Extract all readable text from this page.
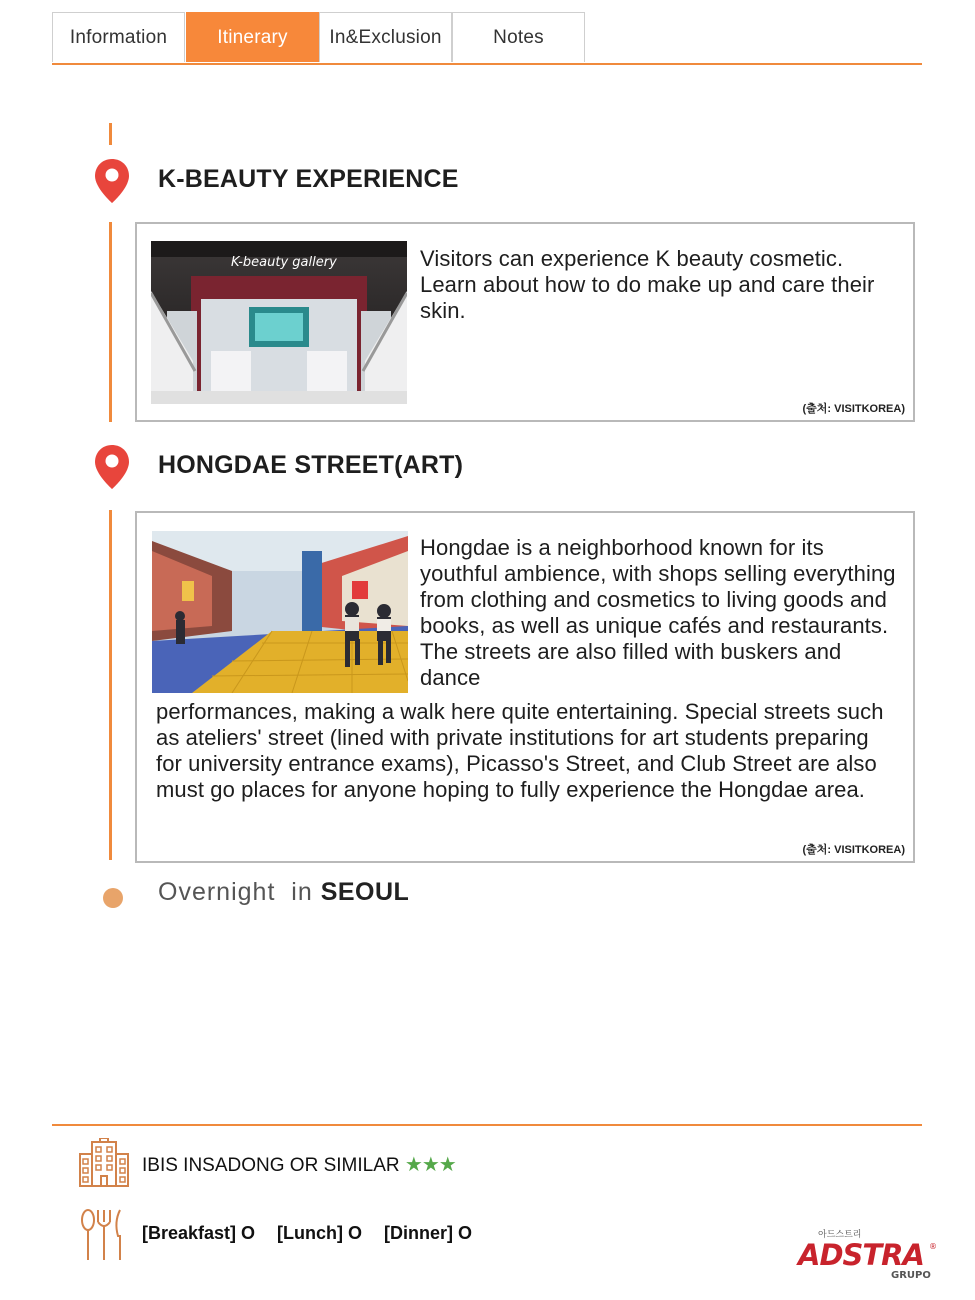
Information	Itinerary	In&Exclusion	Notes
K-BEAUTY EXPERIENCE
K-beauty gallery	Visitors can experience K beauty cosmetic. Learn about how to do make up and care their skin.
(출처: VISITKOREA)
HONGDAE STREET(ART)
Hongdae is a neighborhood known for its youthful ambience, with shops selling everything from clothing and cosmetics to living goods and books, as well as unique cafés and restaurants. The streets are also filled with buskers and dance
performances, making a walk here quite entertaining. Special streets such as ateliers' street (lined with private institutions for art students preparing for university entrance exams), Picasso's Street, and Club Street are also must go places for anyone hoping to fully experience the Hongdae area.
(출처: VISITKOREA)
Overnight  in SEOUL
IBIS INSADONG OR SIMILAR ★★★
[Breakfast] O [Lunch] O [Dinner] O	아드스트리
ADSTRA ®
GRUPO
